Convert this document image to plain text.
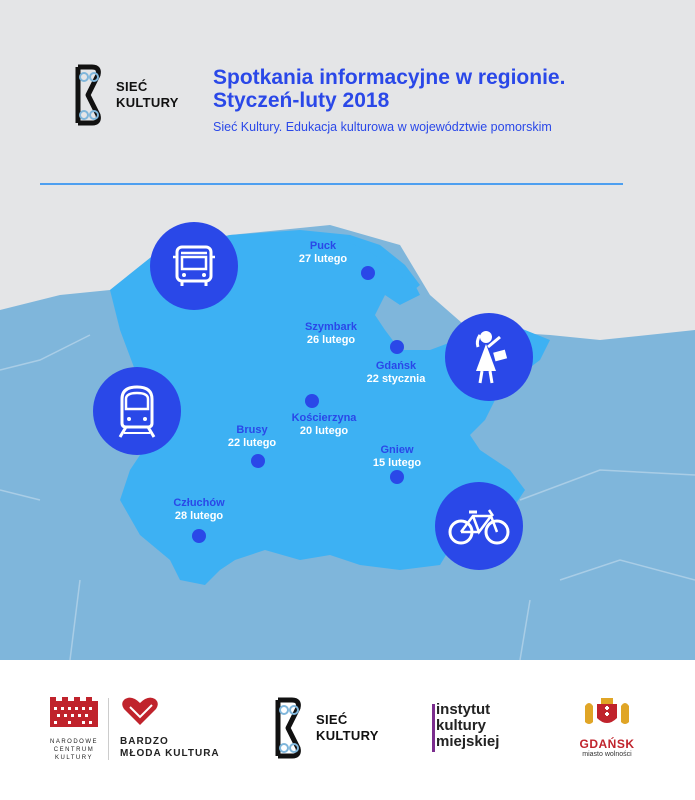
SIEĆ
KULTURY
Spotkania informacyjne w regionie.
Styczeń-luty 2018
Sieć Kultury. Edukacja kulturowa w województwie pomorskim
Puck
27 lutego
Szymbark
26 lutego
Gdańsk
22 stycznia
Kościerzyna
20 lutego
Brusy
22 lutego
Gniew
15 lutego
Człuchów
28 lutego
NARODOWE
CENTRUM
KULTURY
BARDZO
MŁODA KULTURA
SIEĆ
KULTURY
instytut
kultury
miejskiej	GDAŃSK
miasto wolności
